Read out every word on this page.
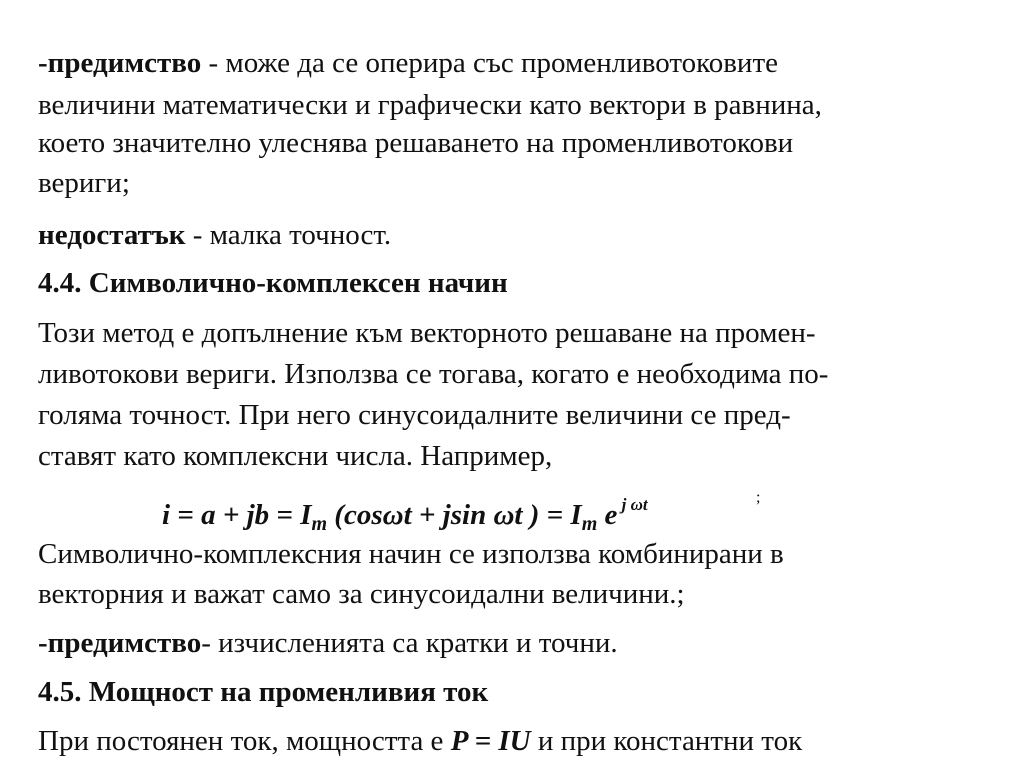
-предимство - може да се оперира със променливотоковите

величини математически и графически като вектори в равнина,

което значително улеснява решаването на променливотокови

вериги;

недостатък - малка точност.

4.4. Символично-комплексен начин

Този метод е допълнение към векторното решаване на промен-

ливотокови вериги. Използва се тогава, когато е необходима по-

голяма точност. При него синусоидалните величини се пред-

ставят като комплексни числа. Например,

i = a + jb = $I_m$ (cosωt + jsin ωt ) = $I_m$ e $^{j \omega t}$	;

Символично-комплексния начин се използва комбинирани в

векторния и важат само за синусоидални величини.;

-предимство- изчисленията са кратки и точни.

4.5. Мощност на променливия ток

При постоянен ток, мощността е P = IU и при константни ток
